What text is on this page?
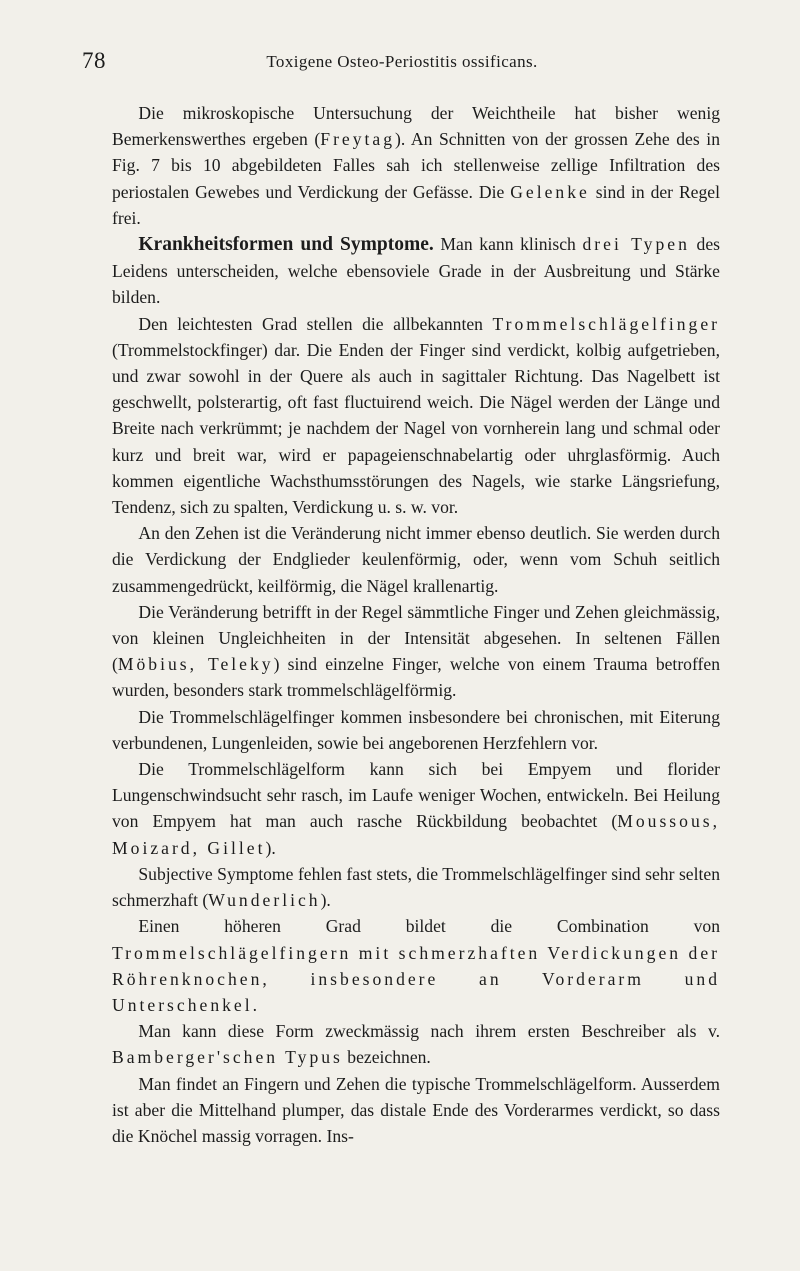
78	Toxigene Osteo-Periostitis ossificans.

Die mikroskopische Untersuchung der Weichtheile hat bisher wenig Bemerkenswerthes ergeben (Freytag). An Schnitten von der grossen Zehe des in Fig. 7 bis 10 abgebildeten Falles sah ich stellenweise zellige Infiltration des periostalen Gewebes und Verdickung der Gefässe. Die Gelenke sind in der Regel frei.

Krankheitsformen und Symptome. Man kann klinisch drei Typen des Leidens unterscheiden, welche ebensoviele Grade in der Ausbreitung und Stärke bilden.

Den leichtesten Grad stellen die allbekannten Trommelschlägelfinger (Trommelstockfinger) dar. Die Enden der Finger sind verdickt, kolbig aufgetrieben, und zwar sowohl in der Quere als auch in sagittaler Richtung. Das Nagelbett ist geschwellt, polsterartig, oft fast fluctuirend weich. Die Nägel werden der Länge und Breite nach verkrümmt; je nachdem der Nagel von vornherein lang und schmal oder kurz und breit war, wird er papageienschnabelartig oder uhrglasförmig. Auch kommen eigentliche Wachsthumsstörungen des Nagels, wie starke Längsriefung, Tendenz, sich zu spalten, Verdickung u. s. w. vor.

An den Zehen ist die Veränderung nicht immer ebenso deutlich. Sie werden durch die Verdickung der Endglieder keulenförmig, oder, wenn vom Schuh seitlich zusammengedrückt, keilförmig, die Nägel krallenartig.

Die Veränderung betrifft in der Regel sämmtliche Finger und Zehen gleichmässig, von kleinen Ungleichheiten in der Intensität abgesehen. In seltenen Fällen (Möbius, Teleky) sind einzelne Finger, welche von einem Trauma betroffen wurden, besonders stark trommelschlägelförmig.

Die Trommelschlägelfinger kommen insbesondere bei chronischen, mit Eiterung verbundenen, Lungenleiden, sowie bei angeborenen Herzfehlern vor.

Die Trommelschlägelform kann sich bei Empyem und florider Lungenschwindsucht sehr rasch, im Laufe weniger Wochen, entwickeln. Bei Heilung von Empyem hat man auch rasche Rückbildung beobachtet (Moussous, Moizard, Gillet).

Subjective Symptome fehlen fast stets, die Trommelschlägelfinger sind sehr selten schmerzhaft (Wunderlich).

Einen höheren Grad bildet die Combination von Trommelschlägelfingern mit schmerzhaften Verdickungen der Röhrenknochen, insbesondere an Vorderarm und Unterschenkel.

Man kann diese Form zweckmässig nach ihrem ersten Beschreiber als v. Bamberger'schen Typus bezeichnen.

Man findet an Fingern und Zehen die typische Trommelschlägelform. Ausserdem ist aber die Mittelhand plumper, das distale Ende des Vorderarmes verdickt, so dass die Knöchel massig vorragen. Ins-
